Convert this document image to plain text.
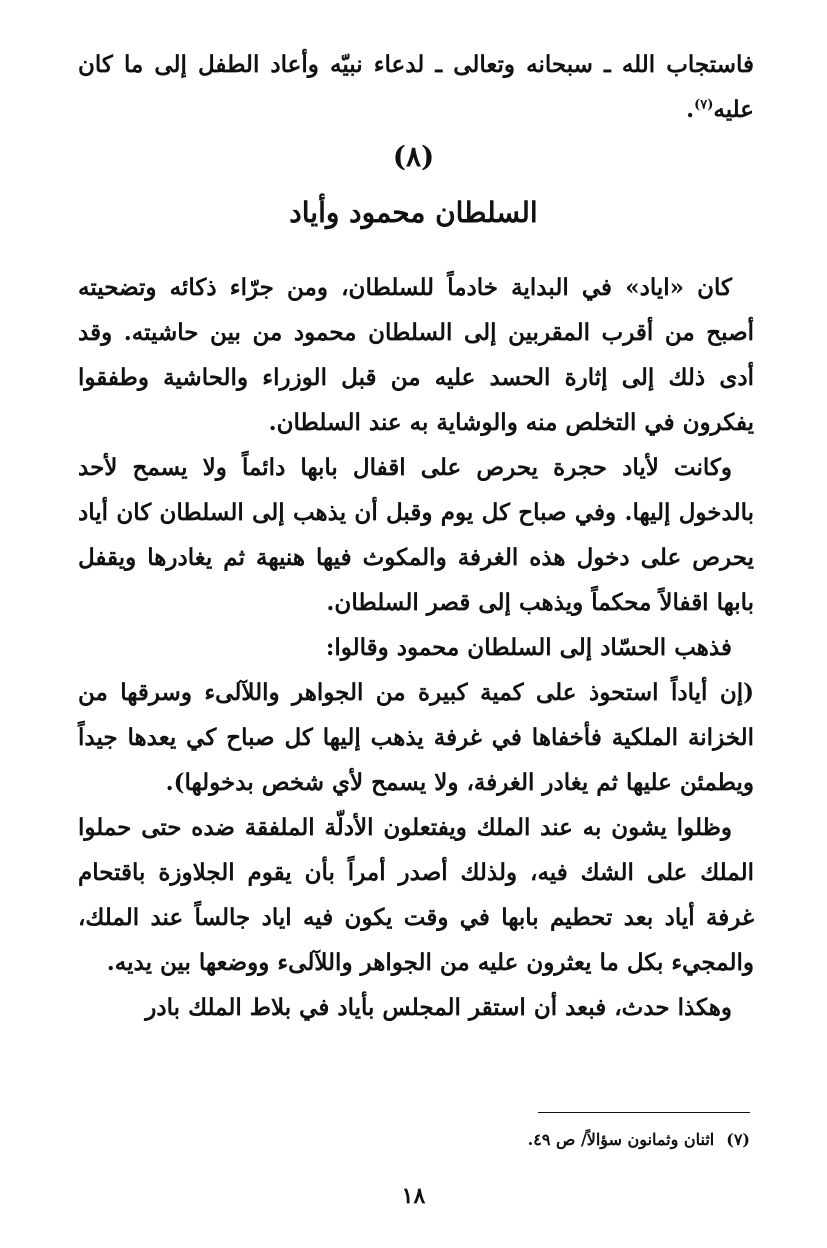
فاستجاب الله ـ سبحانه وتعالى ـ لدعاء نبيّه وأعاد الطفل إلى ما كان عليه$^{(٧)}$.

(٨)
السلطان محمود وأياد

كان «اياد» في البداية خادماً للسلطان، ومن جرّاء ذكائه وتضحيته أصبح من أقرب المقربين إلى السلطان محمود من بين حاشيته. وقد أدى ذلك إلى إثارة الحسد عليه من قبل الوزراء والحاشية وطفقوا يفكرون في التخلص منه والوشاية به عند السلطان.

وكانت لأياد حجرة يحرص على اقفال بابها دائماً ولا يسمح لأحد بالدخول إليها. وفي صباح كل يوم وقبل أن يذهب إلى السلطان كان أياد يحرص على دخول هذه الغرفة والمكوث فيها هنيهة ثم يغادرها ويقفل بابها اقفالاً محكماً ويذهب إلى قصر السلطان.

فذهب الحسّاد إلى السلطان محمود وقالوا:

(إن أياداً استحوذ على كمية كبيرة من الجواهر واللآلىء وسرقها من الخزانة الملكية فأخفاها في غرفة يذهب إليها كل صباح كي يعدها جيداً ويطمئن عليها ثم يغادر الغرفة، ولا يسمح لأي شخص بدخولها).

وظلوا يشون به عند الملك ويفتعلون الأدلّة الملفقة ضده حتى حملوا الملك على الشك فيه، ولذلك أصدر أمراً بأن يقوم الجلاوزة باقتحام غرفة أياد بعد تحطيم بابها في وقت يكون فيه اياد جالساً عند الملك، والمجيء بكل ما يعثرون عليه من الجواهر واللآلىء ووضعها بين يديه.

وهكذا حدث، فبعد أن استقر المجلس بأياد في بلاط الملك بادر

(٧)اثنان وثمانون سؤالاً/ ص ٤٩.
١٨
